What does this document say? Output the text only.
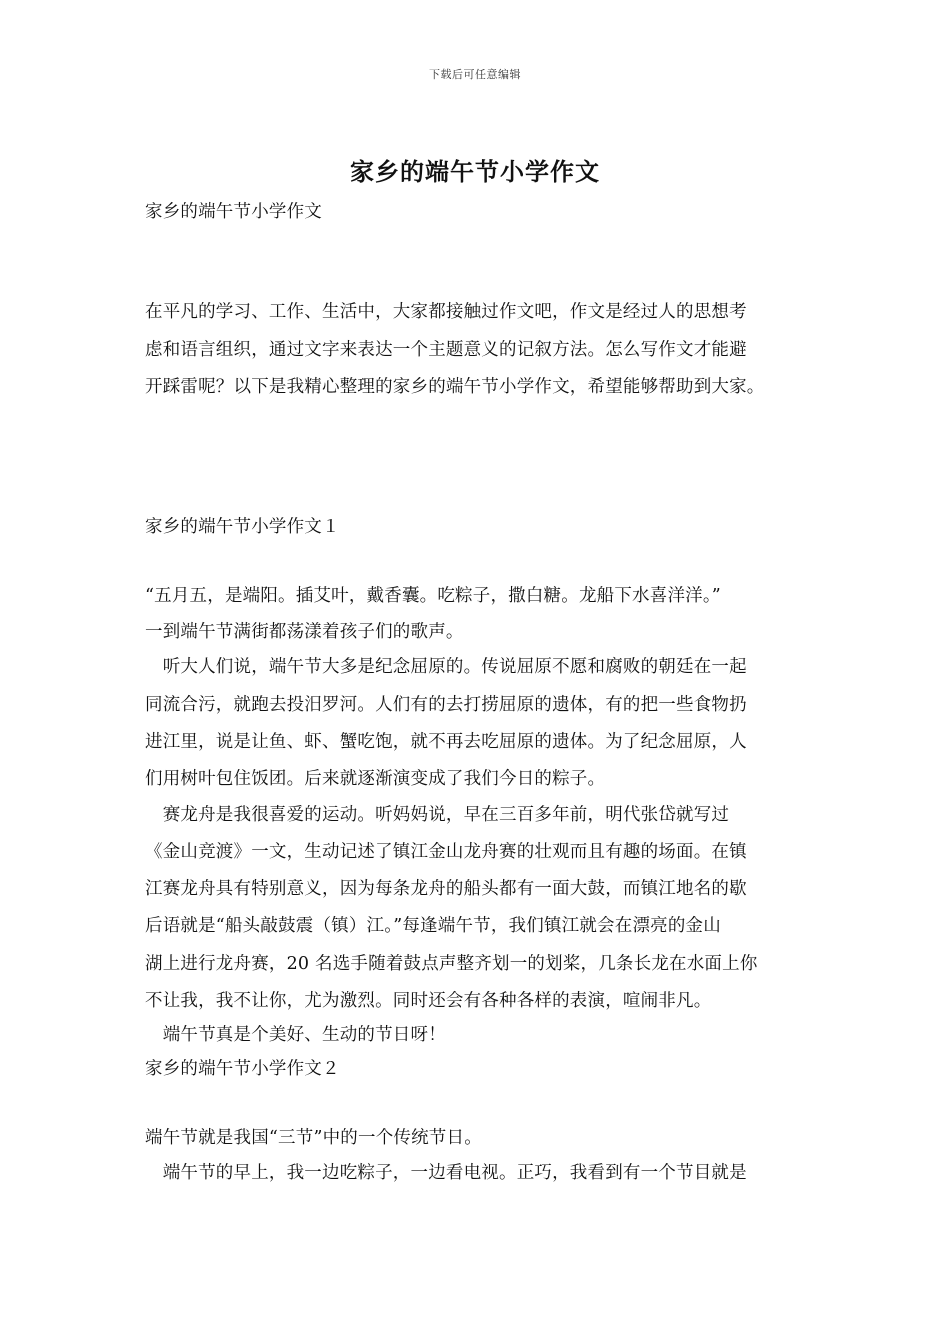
下载后可任意编辑
家乡的端午节小学作文
家乡的端午节小学作文
在平凡的学习、工作、生活中，大家都接触过作文吧，作文是经过人的思想考
虑和语言组织，通过文字来表达一个主题意义的记叙方法。怎么写作文才能避
开踩雷呢？以下是我精心整理的家乡的端午节小学作文，希望能够帮助到大家。
家乡的端午节小学作文１
“五月五，是端阳。插艾叶，戴香囊。吃粽子，撒白糖。龙船下水喜洋洋。”
一到端午节满街都荡漾着孩子们的歌声。
　听大人们说，端午节大多是纪念屈原的。传说屈原不愿和腐败的朝廷在一起
同流合污，就跑去投汨罗河。人们有的去打捞屈原的遗体，有的把一些食物扔
进江里，说是让鱼、虾、蟹吃饱，就不再去吃屈原的遗体。为了纪念屈原，人
们用树叶包住饭团。后来就逐渐演变成了我们今日的粽子。
　赛龙舟是我很喜爱的运动。听妈妈说，早在三百多年前，明代张岱就写过
《金山竞渡》一文，生动记述了镇江金山龙舟赛的壮观而且有趣的场面。在镇
江赛龙舟具有特别意义，因为每条龙舟的船头都有一面大鼓，而镇江地名的歇
后语就是“船头敲鼓震（镇）江。”每逢端午节，我们镇江就会在漂亮的金山
湖上进行龙舟赛，20 名选手随着鼓点声整齐划一的划桨，几条长龙在水面上你
不让我，我不让你，尤为激烈。同时还会有各种各样的表演，喧闹非凡。
　端午节真是个美好、生动的节日呀！
家乡的端午节小学作文２
端午节就是我国“三节”中的一个传统节日。
　端午节的早上，我一边吃粽子，一边看电视。正巧，我看到有一个节目就是
